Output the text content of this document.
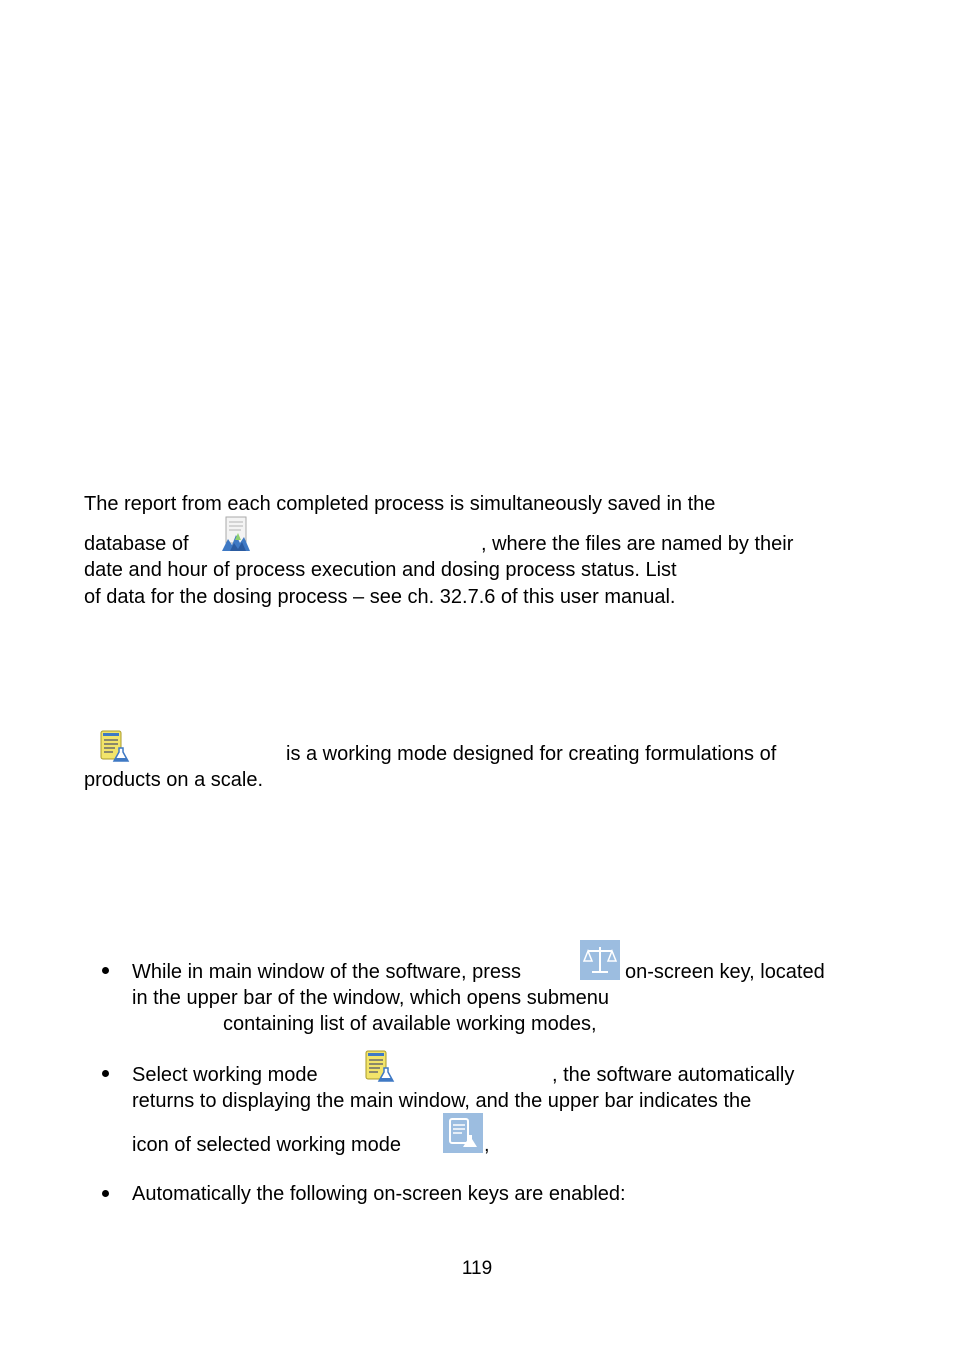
The report from each completed process is simultaneously saved in the
database of	, where the files are named by their
date and hour of process execution and dosing process status. List
of data for the dosing process – see ch. 32.7.6 of this user manual.
is a working mode designed for creating formulations of
products on a scale.
While in main window of the software, press	on-screen key, located
in the upper bar of the window, which opens submenu
containing list of available working modes,
Select working mode	, the software automatically
returns to displaying the main window, and the upper bar indicates the
icon of selected working mode	,
Automatically the following on-screen keys are enabled:
119
